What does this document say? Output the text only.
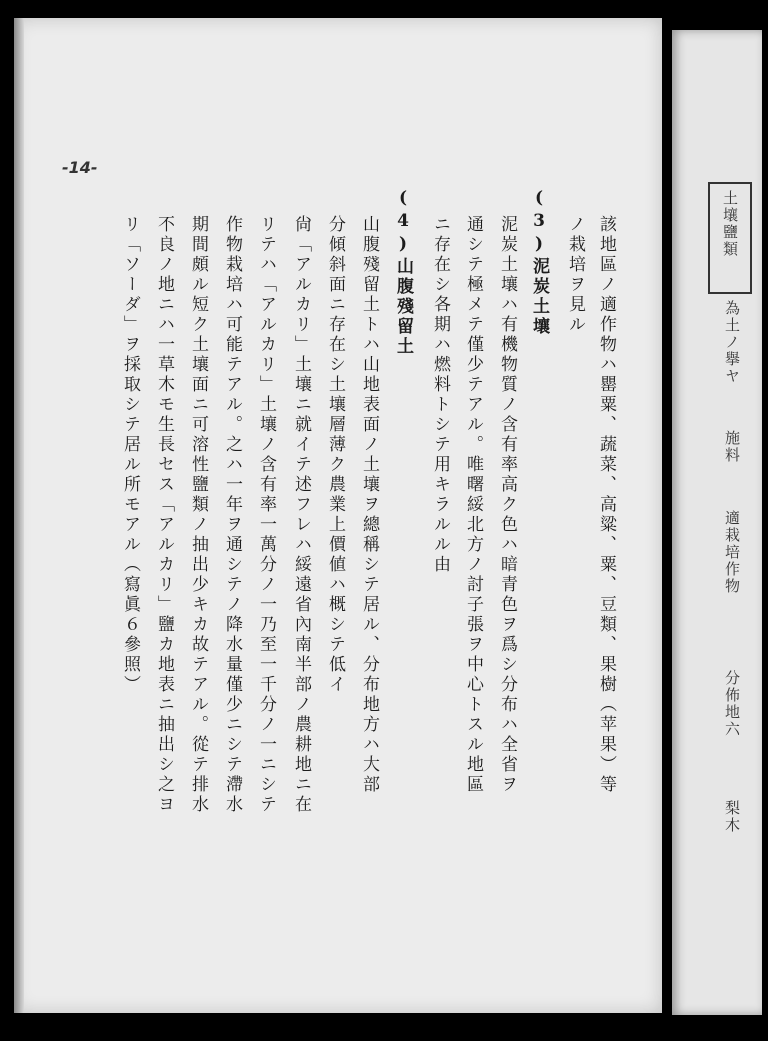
-14-
該地區ノ適作物ハ罌粟、蔬菜、高粱、粟、豆類、果樹（苹果）等
ノ栽培ヲ見ル
(3)泥炭土壤
泥炭土壤ハ有機物質ノ含有率高ク色ハ暗青色ヲ爲シ分布ハ全省ヲ
通シテ極メテ僅少テアル。唯曙綏北方ノ討子張ヲ中心トスル地區
ニ存在シ各期ハ燃料トシテ用キラルル由
(4)山腹殘留土
山腹殘留土トハ山地表面ノ土壤ヲ總稱シテ居ル、分布地方ハ大部
分傾斜面ニ存在シ土壤層薄ク農業上價値ハ概シテ低イ
尙「アルカリ」土壤ニ就イテ述フレハ綏遠省內南半部ノ農耕地ニ在
リテハ「アルカリ」土壤ノ含有率一萬分ノ一乃至一千分ノ一ニシテ
作物栽培ハ可能テアル。之ハ一年ヲ通シテノ降水量僅少ニシテ滯水
期間頗ル短ク土壤面ニ可溶性鹽類ノ抽出少キカ故テアル。從テ排水
不良ノ地ニハ一草木モ生長セス「アルカリ」鹽カ地表ニ抽出シ之ヨ
リ「ソーダ」ヲ採取シテ居ル所モアル（寫眞６參照）	土壤鹽類
為土ノ擧ヤ
施料
適栽培作物
分佈地六
梨木
